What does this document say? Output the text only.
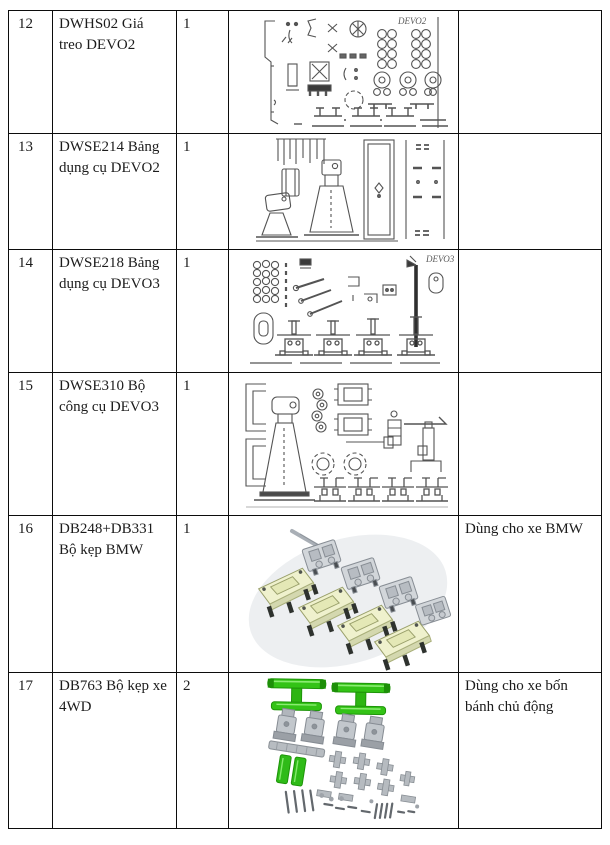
12	DWHS02 Giá treo DEVO2	1	DEVO2	

13	DWSE214 Bảng dụng cụ DEVO2	1	

14	DWSE218 Bảng dụng cụ DEVO3	1	DEVO3	

15	DWSE310 Bộ công cụ DEVO3	1	

16	DB248+DB331 Bộ kẹp BMW	1		Dùng cho xe BMW
17	DB763 Bộ kẹp xe 4WD	2		Dùng cho xe bốn bánh chủ động
